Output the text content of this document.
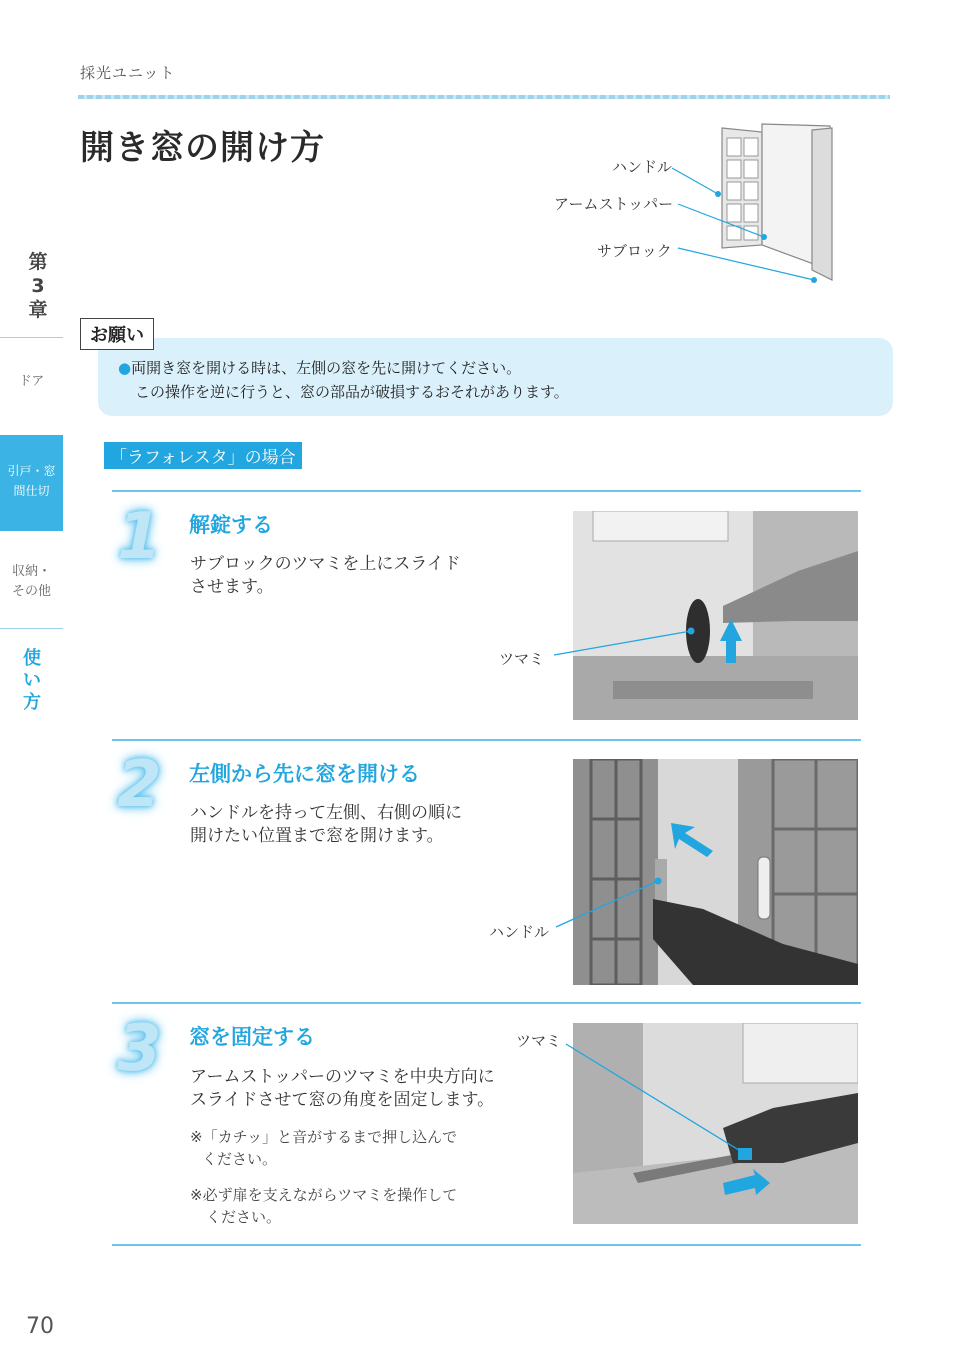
採光ユニット
開き窓の開け方	ハンドル
アームストッパー
サブロック
第
3
章
ドア
引戸・窓
間仕切
収納・
その他
使
い
方
お願い
●両開き窓を開ける時は、左側の窓を先に開けてください。
この操作を逆に行うと、窓の部品が破損するおそれがあります。
「ラフォレスタ」の場合
1 解錠する
サブロックのツマミを上にスライド
させます。
ツマミ
2 左側から先に窓を開ける
ハンドルを持って左側、右側の順に
開けたい位置まで窓を開けます。
ハンドル
3 窓を固定する
アームストッパーのツマミを中央方向に
スライドさせて窓の角度を固定します。
※「カチッ」と音がするまで押し込んで
ください。
※必ず扉を支えながらツマミを操作して
ください。
ツマミ
70
